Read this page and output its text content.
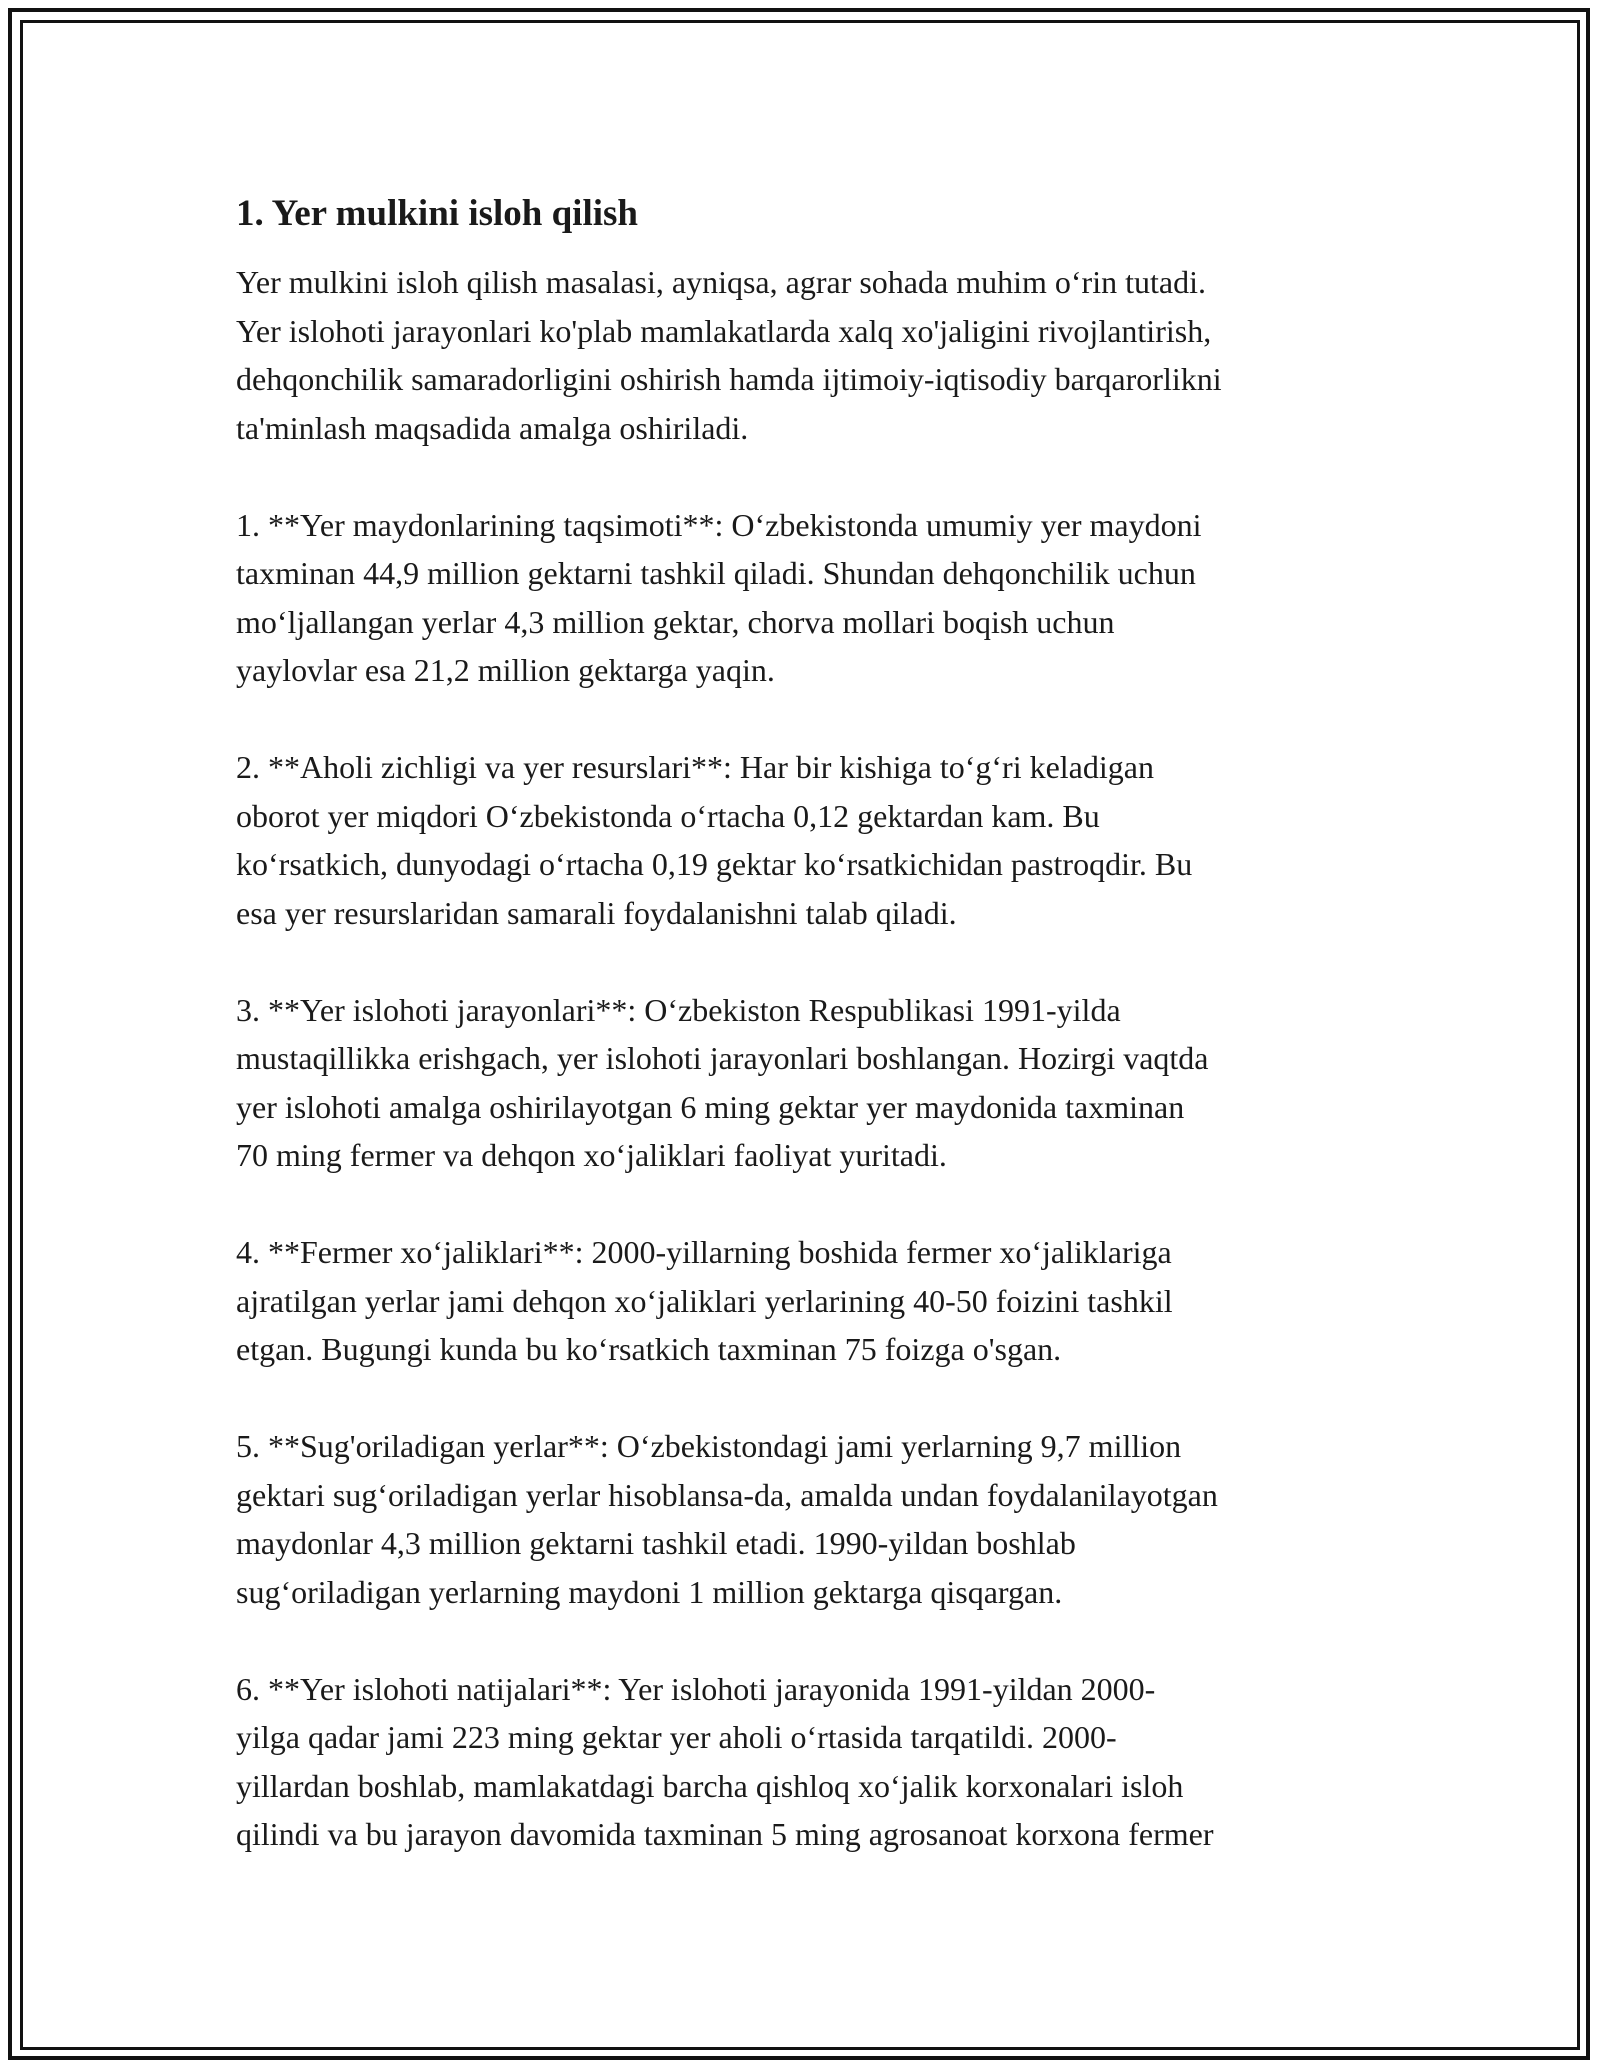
1. Yer mulkini isloh qilish
Yer mulkini isloh qilish masalasi, ayniqsa, agrar sohada muhim o‘rin tutadi.
Yer islohoti jarayonlari ko'plab mamlakatlarda xalq xo'jaligini rivojlantirish,
dehqonchilik samaradorligini oshirish hamda ijtimoiy-iqtisodiy barqarorlikni
ta'minlash maqsadida amalga oshiriladi.
1. **Yer maydonlarining taqsimoti**: O‘zbekistonda umumiy yer maydoni
taxminan 44,9 million gektarni tashkil qiladi. Shundan dehqonchilik uchun
mo‘ljallangan yerlar 4,3 million gektar, chorva mollari boqish uchun
yaylovlar esa 21,2 million gektarga yaqin.
2. **Aholi zichligi va yer resurslari**: Har bir kishiga to‘g‘ri keladigan
oborot yer miqdori O‘zbekistonda o‘rtacha 0,12 gektardan kam. Bu
ko‘rsatkich, dunyodagi o‘rtacha 0,19 gektar ko‘rsatkichidan pastroqdir. Bu
esa yer resurslaridan samarali foydalanishni talab qiladi.
3. **Yer islohoti jarayonlari**: O‘zbekiston Respublikasi 1991-yilda
mustaqillikka erishgach, yer islohoti jarayonlari boshlangan. Hozirgi vaqtda
yer islohoti amalga oshirilayotgan 6 ming gektar yer maydonida taxminan
70 ming fermer va dehqon xo‘jaliklari faoliyat yuritadi.
4. **Fermer xo‘jaliklari**: 2000-yillarning boshida fermer xo‘jaliklariga
ajratilgan yerlar jami dehqon xo‘jaliklari yerlarining 40-50 foizini tashkil
etgan. Bugungi kunda bu ko‘rsatkich taxminan 75 foizga o'sgan.
5. **Sug'oriladigan yerlar**: O‘zbekistondagi jami yerlarning 9,7 million
gektari sug‘oriladigan yerlar hisoblansa-da, amalda undan foydalanilayotgan
maydonlar 4,3 million gektarni tashkil etadi. 1990-yildan boshlab
sug‘oriladigan yerlarning maydoni 1 million gektarga qisqargan.
6. **Yer islohoti natijalari**: Yer islohoti jarayonida 1991-yildan 2000-
yilga qadar jami 223 ming gektar yer aholi o‘rtasida tarqatildi. 2000-
yillardan boshlab, mamlakatdagi barcha qishloq xo‘jalik korxonalari isloh
qilindi va bu jarayon davomida taxminan 5 ming agrosanoat korxona fermer
